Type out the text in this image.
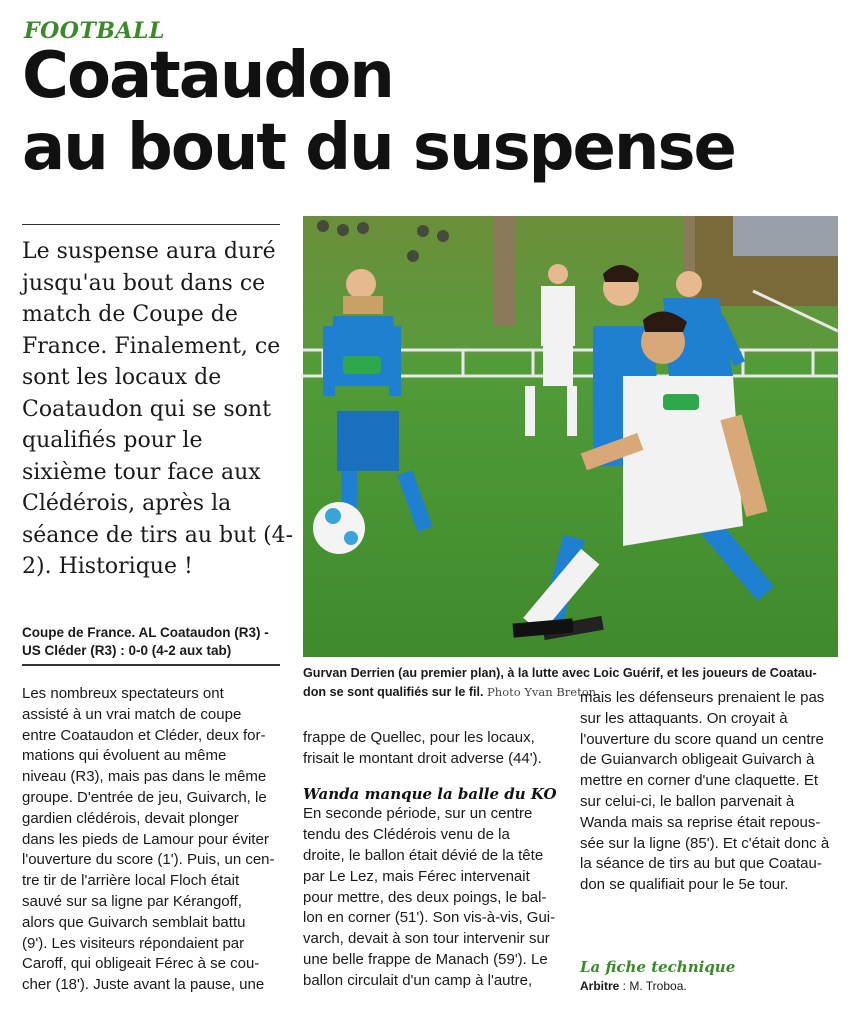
FOOTBALL
Coataudon
au bout du suspense
Le suspense aura duré
jusqu'au bout dans ce
match de Coupe de
France. Finalement, ce
sont les locaux de
Coataudon qui se sont
qualifiés pour le
sixième tour face aux
Clédérois, après la
séance de tirs au but (4-
2). Historique !
Coupe de France. AL Coataudon (R3) -
US Cléder (R3) : 0-0 (4-2 aux tab)
Gurvan Derrien (au premier plan), à la lutte avec Loic Guérif, et les joueurs de Coatau-
don se sont qualifiés sur le fil. Photo Yvan Breton
Les nombreux spectateurs ont
assisté à un vrai match de coupe
entre Coataudon et Cléder, deux for-
mations qui évoluent au même
niveau (R3), mais pas dans le même
groupe. D'entrée de jeu, Guivarch, le
gardien clédérois, devait plonger
dans les pieds de Lamour pour éviter
l'ouverture du score (1'). Puis, un cen-
tre tir de l'arrière local Floch était
sauvé sur sa ligne par Kérangoff,
alors que Guivarch semblait battu
(9'). Les visiteurs répondaient par
Caroff, qui obligeait Férec à se cou-
cher (18'). Juste avant la pause, une
frappe de Quellec, pour les locaux,
frisait le montant droit adverse (44').
Wanda manque la balle du KO
En seconde période, sur un centre
tendu des Clédérois venu de la
droite, le ballon était dévié de la tête
par Le Lez, mais Férec intervenait
pour mettre, des deux poings, le bal-
lon en corner (51'). Son vis-à-vis, Gui-
varch, devait à son tour intervenir sur
une belle frappe de Manach (59'). Le
ballon circulait d'un camp à l'autre,
mais les défenseurs prenaient le pas
sur les attaquants. On croyait à
l'ouverture du score quand un centre
de Guianvarch obligeait Guivarch à
mettre en corner d'une claquette. Et
sur celui-ci, le ballon parvenait à
Wanda mais sa reprise était repous-
sée sur la ligne (85'). Et c'était donc à
la séance de tirs au but que Coatau-
don se qualifiait pour le 5e tour.
La fiche technique
Arbitre : M. Troboa.
